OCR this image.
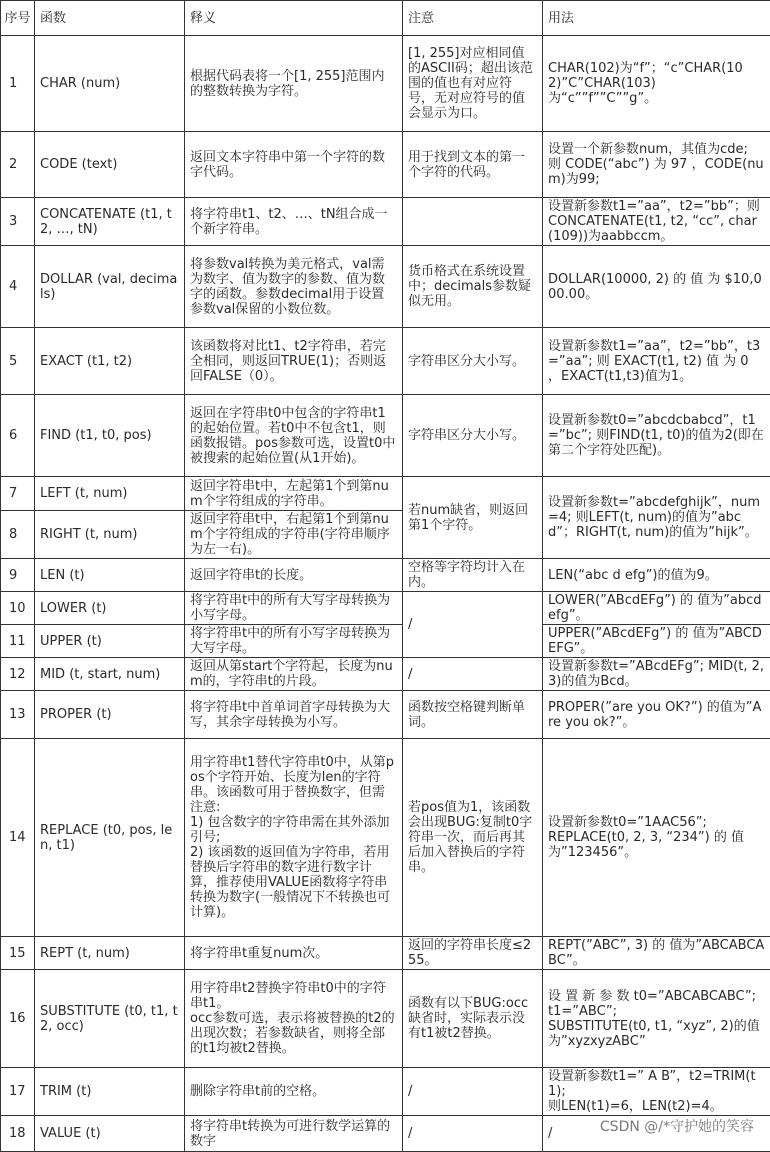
序号	函数	释义	注意	用法
1	CHAR (num)	根据代码表将一个[1, 255]范围内的整数转换为字符。	[1, 255]对应相同值的ASCII码；超出该范围的值也有对应符号，无对应符号的值会显示为口。	CHAR(102)为“f”；“c”CHAR(102)”C”CHAR(103)为“c””f””C””g”。
2	CODE (text)	返回文本字符串中第一个字符的数字代码。	用于找到文本的第一个字符的代码。	设置一个新参数num，其值为cde; 则 CODE(“abc”) 为 97 ，CODE(num)为99;
3	CONCATENATE (t1, t2, …, tN)	将字符串t1、t2、…、tN组合成一个新字符串。		设置新参数t1=”aa”，t2=”bb”；则 CONCATENATE(t1, t2, “cc”, char(109))为aabbccm。
4	DOLLAR (val, decimals)	将参数val转换为美元格式，val需为数字、值为数字的参数、值为数字的函数。参数decimal用于设置参数val保留的小数位数。	货币格式在系统设置中；decimals参数疑似无用。	DOLLAR(10000, 2) 的 值 为 $10,000.00。
5	EXACT (t1, t2)	该函数将对比t1、t2字符串，若完全相同，则返回TRUE(1)；否则返回FALSE（0）。	字符串区分大小写。	设置新参数t1=”aa”，t2=”bb”，t3=”aa”; 则 EXACT(t1, t2) 值 为 0 ，EXACT(t1,t3)值为1。
6	FIND (t1, t0, pos)	返回在字符串t0中包含的字符串t1的起始位置。若t0中不包含t1，则函数报错。pos参数可选，设置t0中被搜索的起始位置(从1开始)。	字符串区分大小写。	设置新参数t0=”abcdcbabcd”，t1=”bc”; 则FIND(t1, t0)的值为2(即在第二个字符处匹配)。
7	LEFT (t, num)	返回字符串t中，左起第1个到第num个字符组成的字符串。	若num缺省，则返回第1个字符。	设置新参数t=”abcdefghijk”，num=4; 则LEFT(t, num)的值为”abcd”；RIGHT(t, num)的值为”hijk”。
8	RIGHT (t, num)	返回字符串t中，右起第1个到第num个字符组成的字符串(字符串顺序为左一右)。		
9	LEN (t)	返回字符串t的长度。	空格等字符均计入在内。	LEN(“abc d efg”)的值为9。
10	LOWER (t)	将字符串t中的所有大写字母转换为小写字母。	/	LOWER(”ABcdEFg”) 的 值为”abcdefg”。
11	UPPER (t)	将字符串t中的所有小写字母转换为大写字母。		UPPER(”ABcdEFg”) 的 值为”ABCDEFG”。
12	MID (t, start, num)	返回从第start个字符起，长度为num的，字符串t的片段。	/	设置新参数t=”ABcdEFg”; MID(t, 2, 3)的值为Bcd。
13	PROPER (t)	将字符串t中首单词首字母转换为大写，其余字母转换为小写。	函数按空格键判断单词。	PROPER(”are you OK?”) 的值为”Are you ok?”。
14	REPLACE (t0, pos, len, t1)	用字符串t1替代字符串t0中，从第pos个字符开始、长度为len的字符串。该函数可用于替换数字，但需注意:
1) 包含数字的字符串需在其外添加引号;
2) 该函数的返回值为字符串，若用替换后字符串的数字进行数字计算，推荐使用VALUE函数将字符串转换为数字(一般情况下不转换也可计算)。	若pos值为1，该函数会出现BUG:复制t0字符串一次，而后再其后加入替换后的字符串。	设置新参数t0=”1AAC56”;
REPLACE(t0, 2, 3, “234”) 的 值为”123456”。
15	REPT (t, num)	将字符串t重复num次。	返回的字符串长度≤255。	REPT(”ABC”, 3) 的 值为”ABCABCABC”。
16	SUBSTITUTE (t0, t1, t2, occ)	用字符串t2替换字符串t0中的字符串t1。
occ参数可选，表示将被替换的t2的出现次数；若参数缺省，则将全部的t1均被t2替换。	函数有以下BUG:occ缺省时，实际表示没有t1被t2替换。	设 置 新 参 数 t0=”ABCABCABC”;
t1=”ABC”;
SUBSTITUTE(t0, t1, “xyz”, 2)的值为”xyzxyzABC”
17	TRIM (t)	删除字符串t前的空格。	/	设置新参数t1=” A B”，t2=TRIM(t1);
则LEN(t1)=6，LEN(t2)=4。
18	VALUE (t)	将字符串t转换为可进行数学运算的数字	/	/	CSDN @/*守护她的笑容
